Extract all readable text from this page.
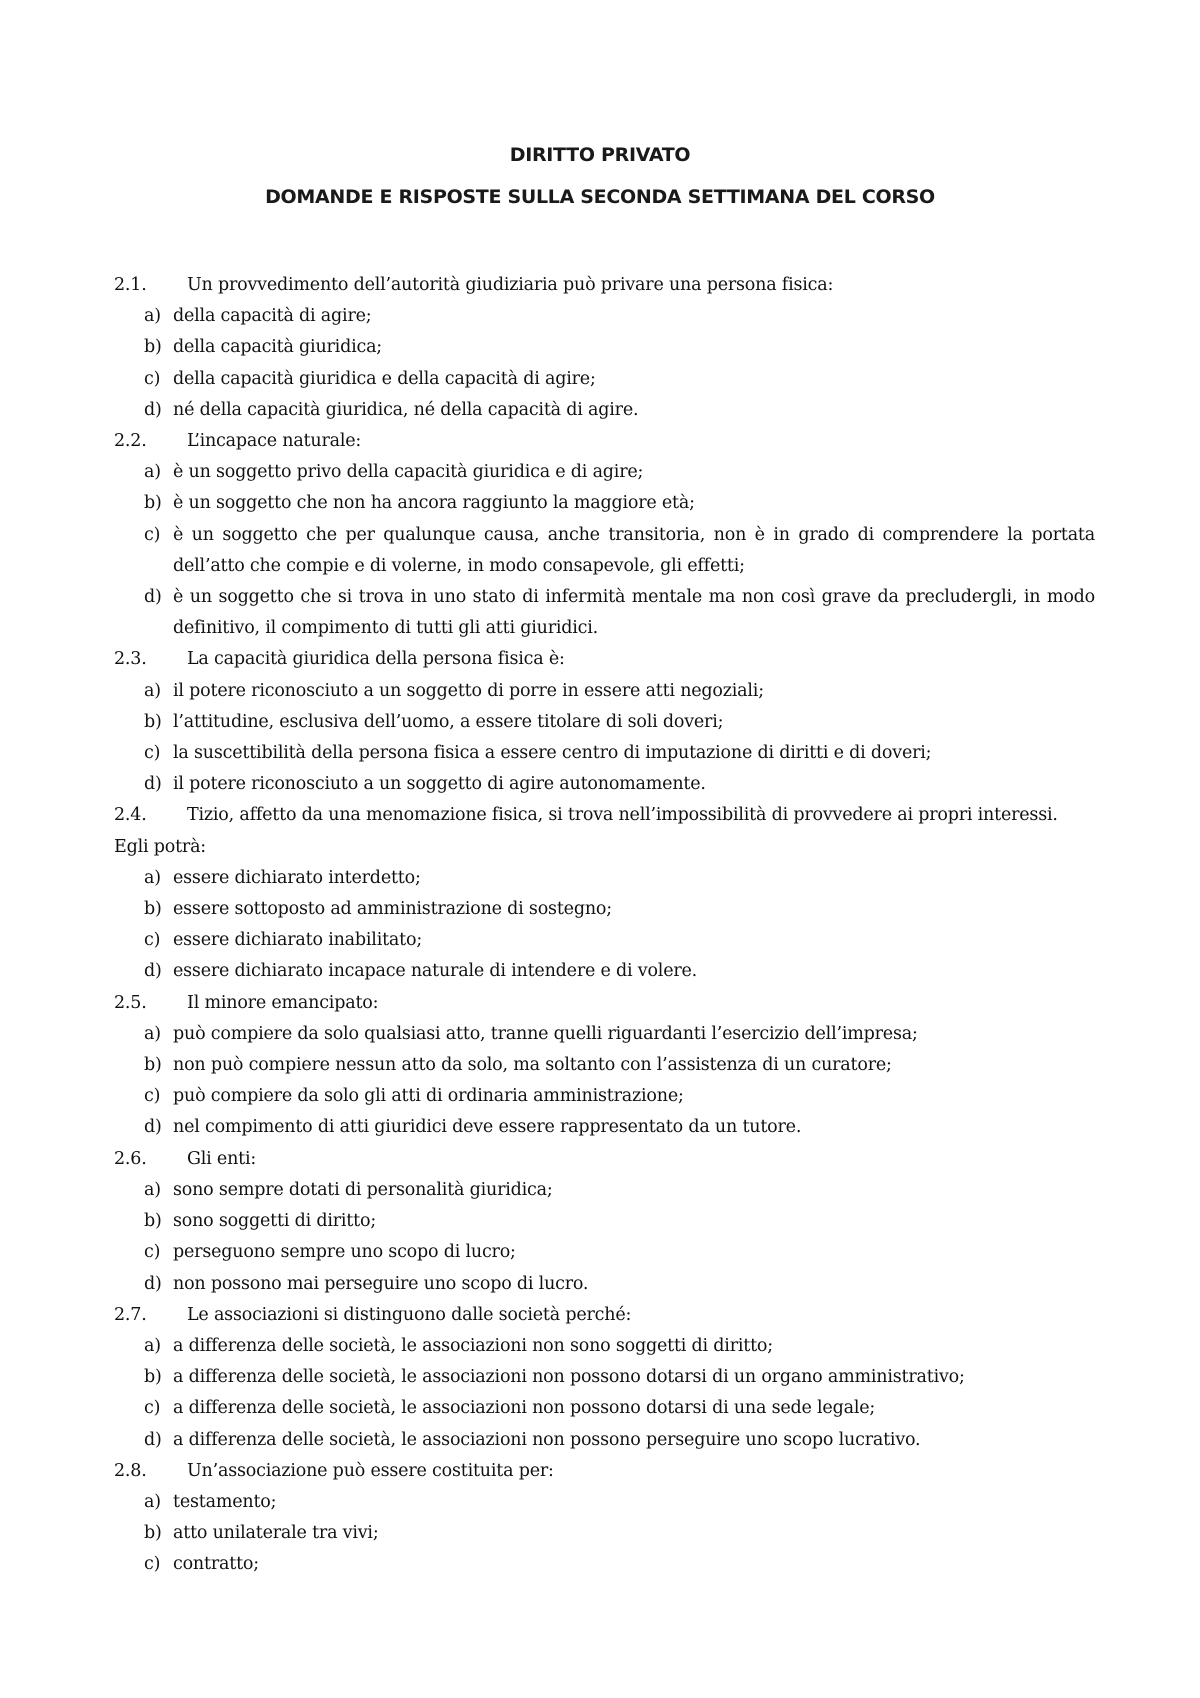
DIRITTO PRIVATO
DOMANDE E RISPOSTE SULLA SECONDA SETTIMANA DEL CORSO
2.1. Un provvedimento dell’autorità giudiziaria può privare una persona fisica:
a) della capacità di agire;
b) della capacità giuridica;
c) della capacità giuridica e della capacità di agire;
d) né della capacità giuridica, né della capacità di agire.
2.2. L’incapace naturale:
a) è un soggetto privo della capacità giuridica e di agire;
b) è un soggetto che non ha ancora raggiunto la maggiore età;
c) è un soggetto che per qualunque causa, anche transitoria, non è in grado di comprendere la portata dell’atto che compie e di volerne, in modo consapevole, gli effetti;
d) è un soggetto che si trova in uno stato di infermità mentale ma non così grave da precludergli, in modo definitivo, il compimento di tutti gli atti giuridici.
2.3. La capacità giuridica della persona fisica è:
a) il potere riconosciuto a un soggetto di porre in essere atti negoziali;
b) l’attitudine, esclusiva dell’uomo, a essere titolare di soli doveri;
c) la suscettibilità della persona fisica a essere centro di imputazione di diritti e di doveri;
d) il potere riconosciuto a un soggetto di agire autonomamente.
2.4. Tizio, affetto da una menomazione fisica, si trova nell’impossibilità di provvedere ai propri interessi. Egli potrà:
a) essere dichiarato interdetto;
b) essere sottoposto ad amministrazione di sostegno;
c) essere dichiarato inabilitato;
d) essere dichiarato incapace naturale di intendere e di volere.
2.5. Il minore emancipato:
a) può compiere da solo qualsiasi atto, tranne quelli riguardanti l’esercizio dell’impresa;
b) non può compiere nessun atto da solo, ma soltanto con l’assistenza di un curatore;
c) può compiere da solo gli atti di ordinaria amministrazione;
d) nel compimento di atti giuridici deve essere rappresentato da un tutore.
2.6. Gli enti:
a) sono sempre dotati di personalità giuridica;
b) sono soggetti di diritto;
c) perseguono sempre uno scopo di lucro;
d) non possono mai perseguire uno scopo di lucro.
2.7. Le associazioni si distinguono dalle società perché:
a) a differenza delle società, le associazioni non sono soggetti di diritto;
b) a differenza delle società, le associazioni non possono dotarsi di un organo amministrativo;
c) a differenza delle società, le associazioni non possono dotarsi di una sede legale;
d) a differenza delle società, le associazioni non possono perseguire uno scopo lucrativo.
2.8. Un’associazione può essere costituita per:
a) testamento;
b) atto unilaterale tra vivi;
c) contratto;
